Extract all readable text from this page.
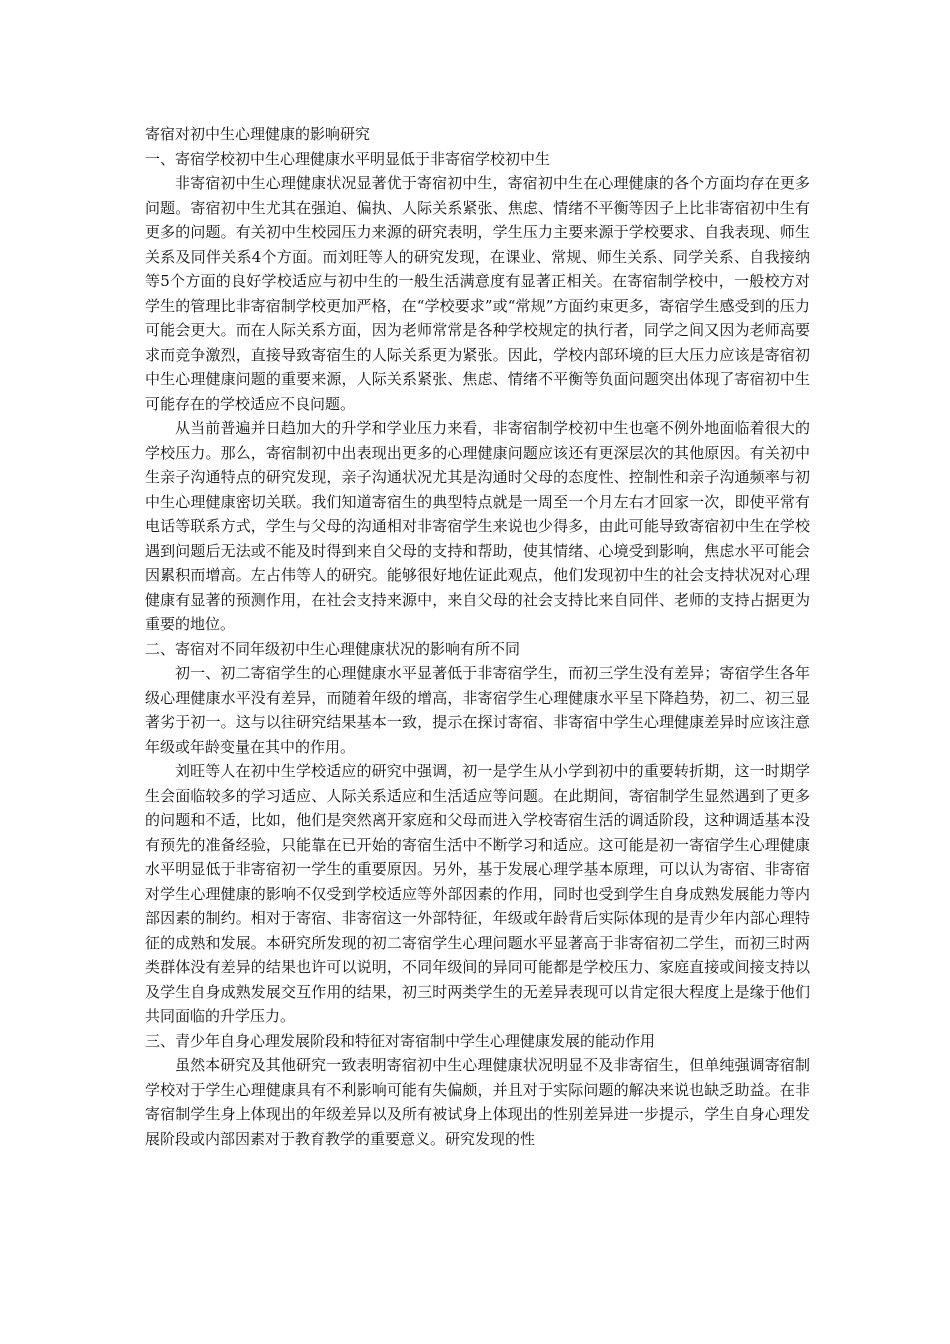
寄宿对初中生心理健康的影响研究

一、寄宿学校初中生心理健康水平明显低于非寄宿学校初中生

非寄宿初中生心理健康状况显著优于寄宿初中生，寄宿初中生在心理健康的各个方面均存在更多问题。寄宿初中生尤其在强迫、偏执、人际关系紧张、焦虑、情绪不平衡等因子上比非寄宿初中生有更多的问题。有关初中生校园压力来源的研究表明，学生压力主要来源于学校要求、自我表现、师生关系及同伴关系4个方面。而刘旺等人的研究发现，在课业、常规、师生关系、同学关系、自我接纳等5个方面的良好学校适应与初中生的一般生活满意度有显著正相关。在寄宿制学校中，一般校方对学生的管理比非寄宿制学校更加严格，在“学校要求”或“常规”方面约束更多，寄宿学生感受到的压力可能会更大。而在人际关系方面，因为老师常常是各种学校规定的执行者，同学之间又因为老师高要求而竞争激烈，直接导致寄宿生的人际关系更为紧张。因此，学校内部环境的巨大压力应该是寄宿初中生心理健康问题的重要来源，人际关系紧张、焦虑、情绪不平衡等负面问题突出体现了寄宿初中生可能存在的学校适应不良问题。

从当前普遍并日趋加大的升学和学业压力来看，非寄宿制学校初中生也毫不例外地面临着很大的学校压力。那么，寄宿制初中出表现出更多的心理健康问题应该还有更深层次的其他原因。有关初中生亲子沟通特点的研究发现，亲子沟通状况尤其是沟通时父母的态度性、控制性和亲子沟通频率与初中生心理健康密切关联。我们知道寄宿生的典型特点就是一周至一个月左右才回家一次，即使平常有电话等联系方式，学生与父母的沟通相对非寄宿学生来说也少得多，由此可能导致寄宿初中生在学校遇到问题后无法或不能及时得到来自父母的支持和帮助，使其情绪、心境受到影响，焦虑水平可能会因累积而增高。左占伟等人的研究。能够很好地佐证此观点，他们发现初中生的社会支持状况对心理健康有显著的预测作用，在社会支持来源中，来自父母的社会支持比来自同伴、老师的支持占据更为重要的地位。

二、寄宿对不同年级初中生心理健康状况的影响有所不同

初一、初二寄宿学生的心理健康水平显著低于非寄宿学生，而初三学生没有差异；寄宿学生各年级心理健康水平没有差异，而随着年级的增高，非寄宿学生心理健康水平呈下降趋势，初二、初三显著劣于初一。这与以往研究结果基本一致，提示在探讨寄宿、非寄宿中学生心理健康差异时应该注意年级或年龄变量在其中的作用。

刘旺等人在初中生学校适应的研究中强调，初一是学生从小学到初中的重要转折期，这一时期学生会面临较多的学习适应、人际关系适应和生活适应等问题。在此期间，寄宿制学生显然遇到了更多的问题和不适，比如，他们是突然离开家庭和父母而进入学校寄宿生活的调适阶段，这种调适基本没有预先的准备经验，只能靠在已开始的寄宿生活中不断学习和适应。这可能是初一寄宿学生心理健康水平明显低于非寄宿初一学生的重要原因。另外，基于发展心理学基本原理，可以认为寄宿、非寄宿对学生心理健康的影响不仅受到学校适应等外部因素的作用，同时也受到学生自身成熟发展能力等内部因素的制约。相对于寄宿、非寄宿这一外部特征，年级或年龄背后实际体现的是青少年内部心理特征的成熟和发展。本研究所发现的初二寄宿学生心理问题水平显著高于非寄宿初二学生，而初三时两类群体没有差异的结果也许可以说明，不同年级间的异同可能都是学校压力、家庭直接或间接支持以及学生自身成熟发展交互作用的结果，初三时两类学生的无差异表现可以肯定很大程度上是缘于他们共同面临的升学压力。

三、青少年自身心理发展阶段和特征对寄宿制中学生心理健康发展的能动作用

虽然本研究及其他研究一致表明寄宿初中生心理健康状况明显不及非寄宿生，但单纯强调寄宿制学校对于学生心理健康具有不利影响可能有失偏颇，并且对于实际问题的解决来说也缺乏助益。在非寄宿制学生身上体现出的年级差异以及所有被试身上体现出的性别差异进一步提示，学生自身心理发展阶段或内部因素对于教育教学的重要意义。研究发现的性
